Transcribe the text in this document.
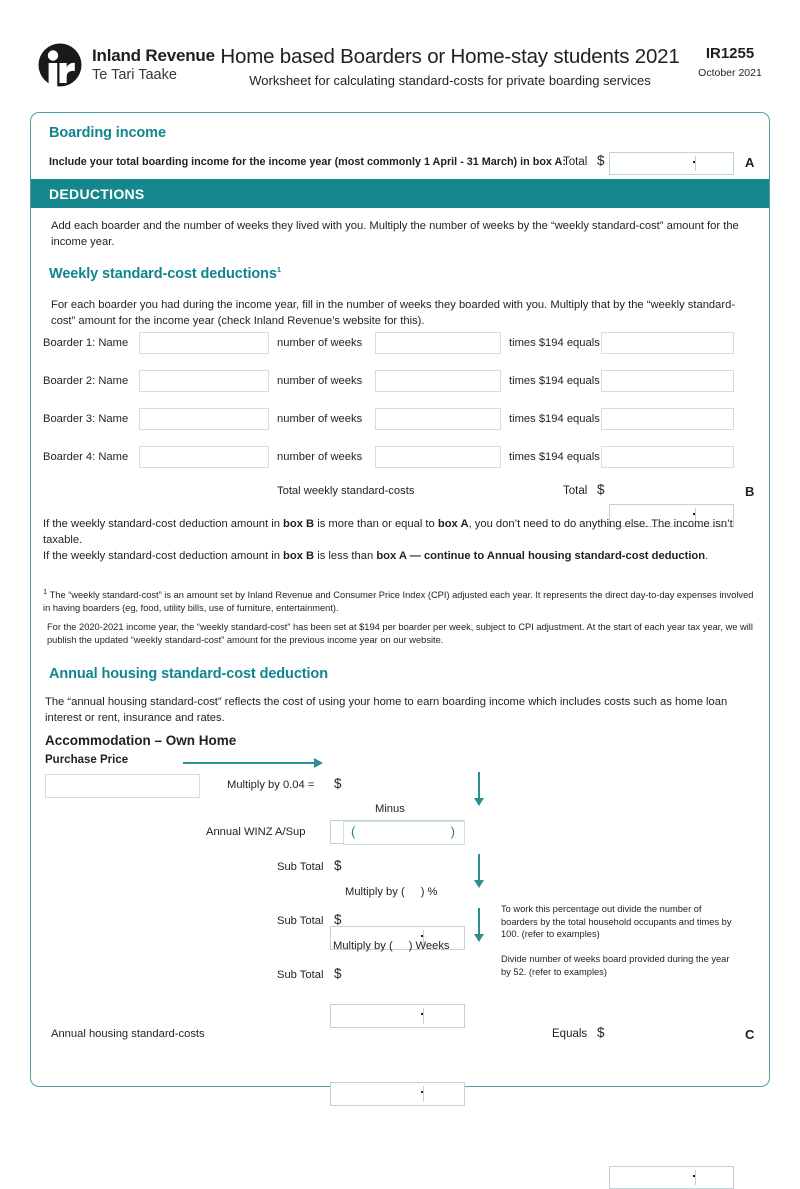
Inland Revenue
Te Tari Taake
Home based Boarders or Home-stay students 2021
Worksheet for calculating standard-costs for private boarding services
IR1255
October 2021
Boarding income
Include your total boarding income for the income year (most commonly 1 April - 31 March) in box A:
Total $	A
DEDUCTIONS
Add each boarder and the number of weeks they lived with you. Multiply the number of weeks by the “weekly standard-cost” amount for the income year.
Weekly standard-cost deductions$^1$
For each boarder you had during the income year, fill in the number of weeks they boarded with you. Multiply that by the “weekly standard-cost” amount for the income year (check Inland Revenue’s website for this).
Boarder 1: Name	number of weeks	times $194 equals
Boarder 2: Name	number of weeks	times $194 equals
Boarder 3: Name	number of weeks	times $194 equals
Boarder 4: Name	number of weeks	times $194 equals
Total weekly standard-costs	Total $	B
If the weekly standard-cost deduction amount in box B is more than or equal to box A, you don’t need to do anything else. The income isn’t taxable.
If the weekly standard-cost deduction amount in box B is less than box A — continue to Annual housing standard-cost deduction.
$^1$ The “weekly standard-cost” is an amount set by Inland Revenue and Consumer Price Index (CPI) adjusted each year. It represents the direct day-to-day expenses involved in having boarders (eg, food, utility bills, use of furniture, entertainment).
For the 2020-2021 income year, the “weekly standard-cost” has been set at $194 per boarder per week, subject to CPI adjustment. At the start of each year tax year, we will publish the updated “weekly standard-cost” amount for the previous income year on our website.
Annual housing standard-cost deduction
The “annual housing standard-cost” reflects the cost of using your home to earn boarding income which includes costs such as home loan interest or rent, insurance and rates.
Accommodation – Own Home
Purchase Price
Multiply by 0.04 = $
Minus
Annual WINZ A/Sup	(	)
Sub Total $
Multiply by ( ) %
Sub Total $
Multiply by ( ) Weeks
Sub Total $
To work this percentage out divide the number of boarders by the total household occupants and times by 100. (refer to examples)
Divide number of weeks board provided during the year by 52. (refer to examples)
Annual housing standard-costs	Equals $	C
